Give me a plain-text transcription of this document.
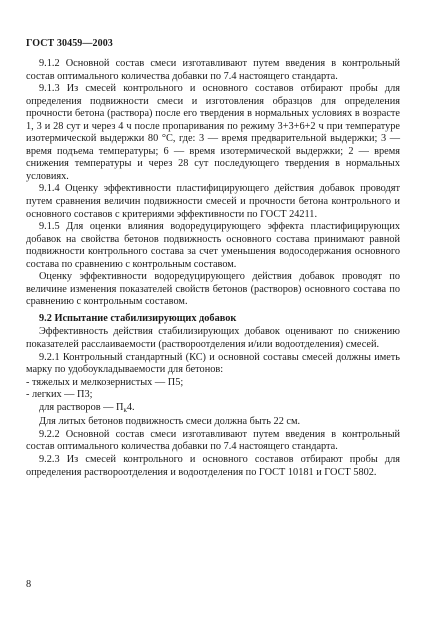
ГОСТ 30459—2003

9.1.2 Основной состав смеси изготавливают путем введения в контрольный состав оптимального количества добавки по 7.4 настоящего стандарта.

9.1.3 Из смесей контрольного и основного составов отбирают пробы для определения подвижности смеси и изготовления образцов для определения прочности бетона (раствора) после его твердения в нормальных условиях в возрасте 1, 3 и 28 сут и через 4 ч после пропаривания по режиму 3+3+6+2 ч при температуре изотермической выдержки 80 °С, где: 3 — время предварительной выдержки; 3 — время подъема температуры; 6 — время изотермической выдержки; 2 — время снижения температуры и через 28 сут последующего твердения в нормальных условиях.

9.1.4 Оценку эффективности пластифицирующего действия добавок проводят путем сравнения величин подвижности смесей и прочности бетона контрольного и основного составов с критериями эффективности по ГОСТ 24211.

9.1.5 Для оценки влияния водоредуцирующего эффекта пластифицирующих добавок на свойства бетонов подвижность основного состава принимают равной подвижности контрольного состава за счет уменьшения водосодержания основного состава по сравнению с контрольным составом.

Оценку эффективности водоредуцирующего действия добавок проводят по величине изменения показателей свойств бетонов (растворов) основного состава по сравнению с контрольным составом.

9.2 Испытание стабилизирующих добавок

Эффективность действия стабилизирующих добавок оценивают по снижению показателей расслаиваемости (раствороотделения и/или водоотделения) смесей.

9.2.1 Контрольный стандартный (КС) и основной составы смесей должны иметь марку по удобоукладываемости для бетонов:

- тяжелых и мелкозернистых — П5;

- легких — П3;

для растворов — $П_к4$.

Для литых бетонов подвижность смеси должна быть 22 см.

9.2.2 Основной состав смеси изготавливают путем введения в контрольный состав оптимального количества добавки по 7.4 настоящего стандарта.

9.2.3 Из смесей контрольного и основного составов отбирают пробы для определения раствороотделения и водоотделения по ГОСТ 10181 и ГОСТ 5802.

8
